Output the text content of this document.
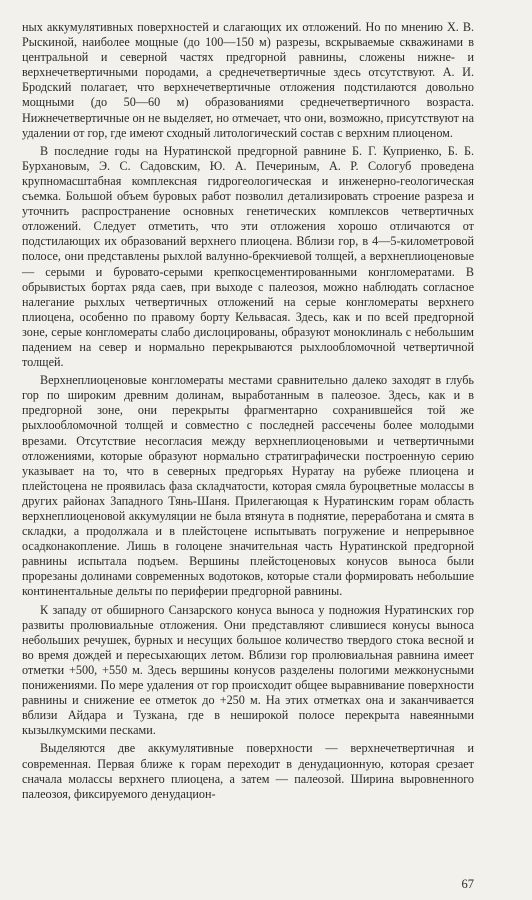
ных аккумулятивных поверхностей и слагающих их отложений. Но по мнению Х. В. Рыскиной, наиболее мощные (до 100—150 м) разрезы, вскрываемые скважинами в центральной и северной частях предгорной равнины, сложены нижне- и верхнечетвертичными породами, а среднечетвертичные здесь отсутствуют. А. И. Бродский полагает, что верхнечетвертичные отложения подстилаются довольно мощными (до 50—60 м) образованиями среднечетвертичного возраста. Нижнечетвертичные он не выделяет, но отмечает, что они, возможно, присутствуют на удалении от гор, где имеют сходный литологический состав с верхним плиоценом.

В последние годы на Нуратинской предгорной равнине Б. Г. Куприенко, Б. Б. Бурхановым, Э. С. Садовским, Ю. А. Печериным, А. Р. Сологуб проведена крупномасштабная комплексная гидрогеологическая и инженерно-геологическая съемка. Большой объем буровых работ позволил детализировать строение разреза и уточнить распространение основных генетических комплексов четвертичных отложений. Следует отметить, что эти отложения хорошо отличаются от подстилающих их образований верхнего плиоцена. Вблизи гор, в 4—5-километровой полосе, они представлены рыхлой валунно-брекчиевой толщей, а верхнеплиоценовые — серыми и буровато-серыми крепкосцементированными конгломератами. В обрывистых бортах ряда саев, при выходе с палеозоя, можно наблюдать согласное налегание рыхлых четвертичных отложений на серые конгломераты верхнего плиоцена, особенно по правому борту Кельвасая. Здесь, как и по всей предгорной зоне, серые конгломераты слабо дислоцированы, образуют моноклиналь с небольшим падением на север и нормально перекрываются рыхлообломочной четвертичной толщей.

Верхнеплиоценовые конгломераты местами сравнительно далеко заходят в глубь гор по широким древним долинам, выработанным в палеозое. Здесь, как и в предгорной зоне, они перекрыты фрагментарно сохранившейся той же рыхлообломочной толщей и совместно с последней рассечены более молодыми врезами. Отсутствие несогласия между верхнеплиоценовыми и четвертичными отложениями, которые образуют нормально стратиграфически построенную серию указывает на то, что в северных предгорьях Нуратау на рубеже плиоцена и плейстоцена не проявилась фаза складчатости, которая смяла буроцветные молассы в других районах Западного Тянь-Шаня. Прилегающая к Нуратинским горам область верхнеплиоценовой аккумуляции не была втянута в поднятие, переработана и смята в складки, а продолжала и в плейстоцене испытывать погружение и непрерывное осадконакопление. Лишь в голоцене значительная часть Нуратинской предгорной равнины испытала подъем. Вершины плейстоценовых конусов выноса были прорезаны долинами современных водотоков, которые стали формировать небольшие континентальные дельты по периферии предгорной равнины.

К западу от обширного Санзарского конуса выноса у подножия Нуратинских гор развиты пролювиальные отложения. Они представляют слившиеся конусы выноса небольших речушек, бурных и несущих большое количество твердого стока весной и во время дождей и пересыхающих летом. Вблизи гор пролювиальная равнина имеет отметки +500, +550 м. Здесь вершины конусов разделены пологими межконусными понижениями. По мере удаления от гор происходит общее выравнивание поверхности равнины и снижение ее отметок до +250 м. На этих отметках она и заканчивается вблизи Айдара и Тузкана, где в неширокой полосе перекрыта навеянными кызылкумскими песками.

Выделяются две аккумулятивные поверхности — верхнечетвертичная и современная. Первая ближе к горам переходит в денудационную, которая срезает сначала молассы верхнего плиоцена, а затем — палеозой. Ширина выровненного палеозоя, фиксируемого денудацион-

67
